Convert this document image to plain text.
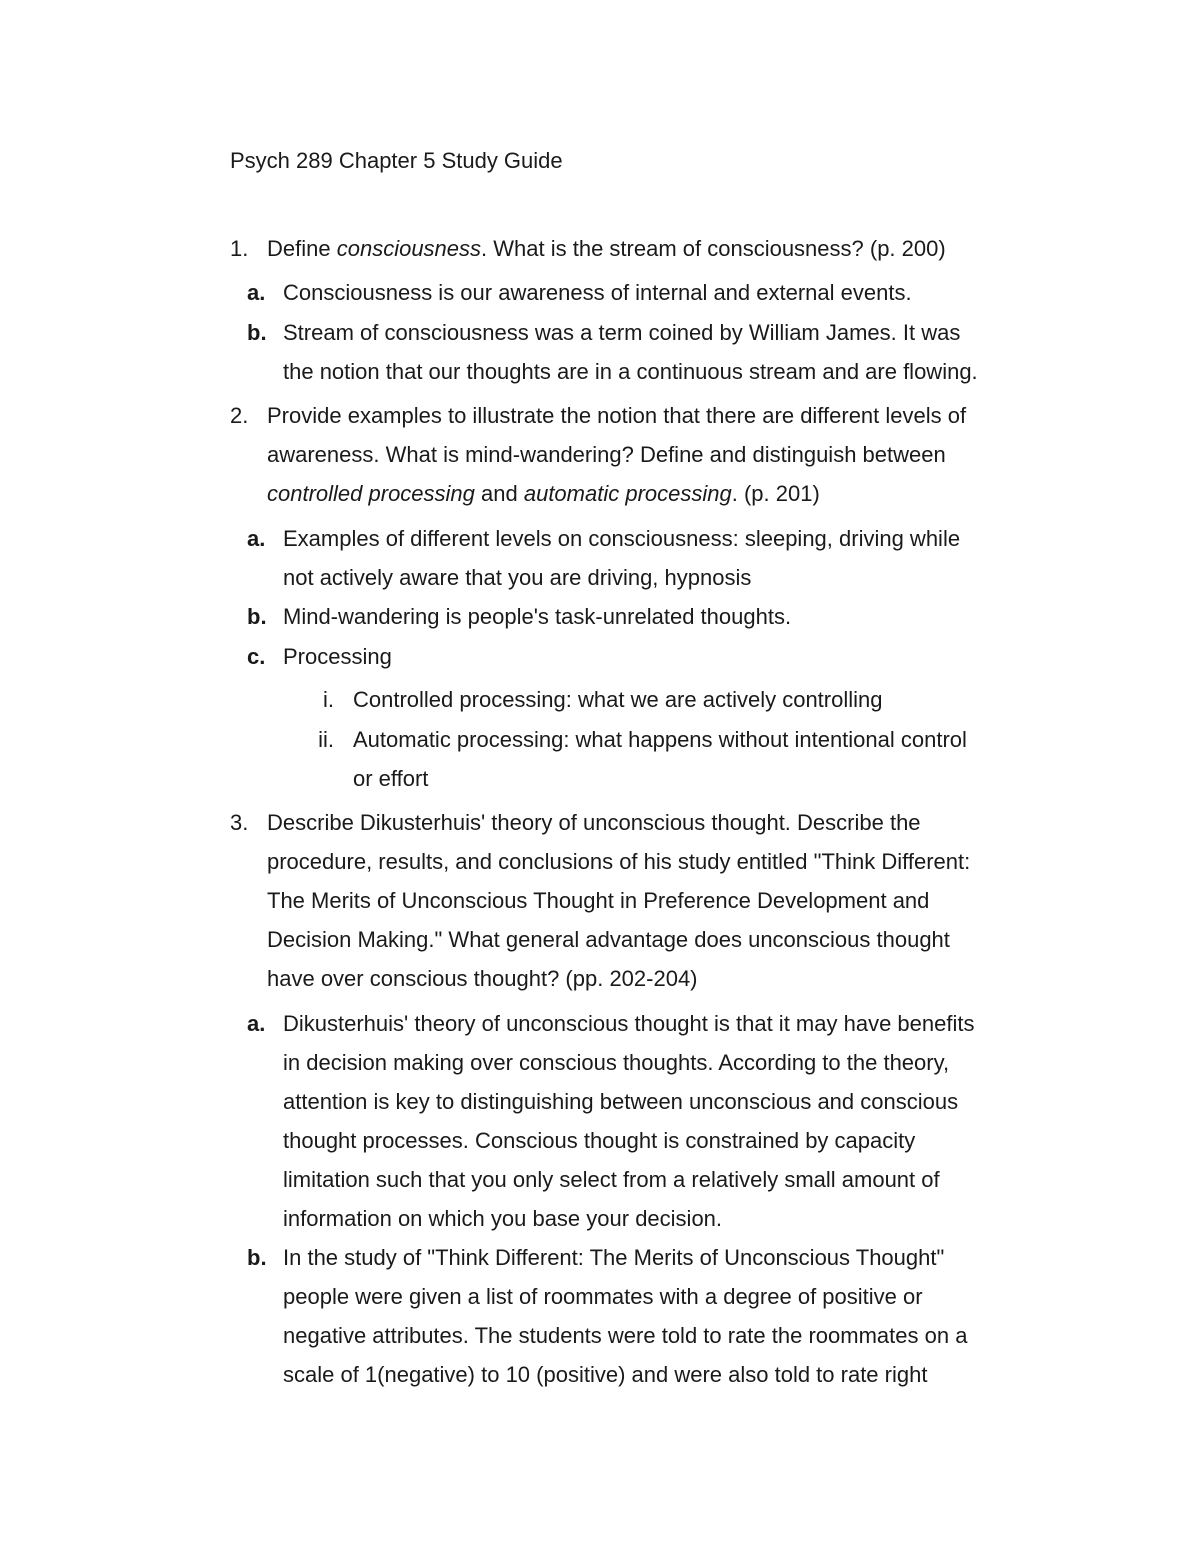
Psych 289 Chapter 5 Study Guide
1. Define consciousness. What is the stream of consciousness? (p. 200)
a. Consciousness is our awareness of internal and external events.
b. Stream of consciousness was a term coined by William James. It was
the notion that our thoughts are in a continuous stream and are flowing.
2. Provide examples to illustrate the notion that there are different levels of
awareness. What is mind-wandering? Define and distinguish between
controlled processing and automatic processing. (p. 201)
a. Examples of different levels on consciousness: sleeping, driving while
not actively aware that you are driving, hypnosis
b. Mind-wandering is people's task-unrelated thoughts.
c. Processing
i. Controlled processing: what we are actively controlling
ii. Automatic processing: what happens without intentional control
or effort
3. Describe Dikusterhuis' theory of unconscious thought. Describe the
procedure, results, and conclusions of his study entitled "Think Different:
The Merits of Unconscious Thought in Preference Development and
Decision Making." What general advantage does unconscious thought
have over conscious thought? (pp. 202-204)
a. Dikusterhuis' theory of unconscious thought is that it may have benefits
in decision making over conscious thoughts. According to the theory,
attention is key to distinguishing between unconscious and conscious
thought processes. Conscious thought is constrained by capacity
limitation such that you only select from a relatively small amount of
information on which you base your decision.
b. In the study of "Think Different: The Merits of Unconscious Thought"
people were given a list of roommates with a degree of positive or
negative attributes. The students were told to rate the roommates on a
scale of 1(negative) to 10 (positive) and were also told to rate right
